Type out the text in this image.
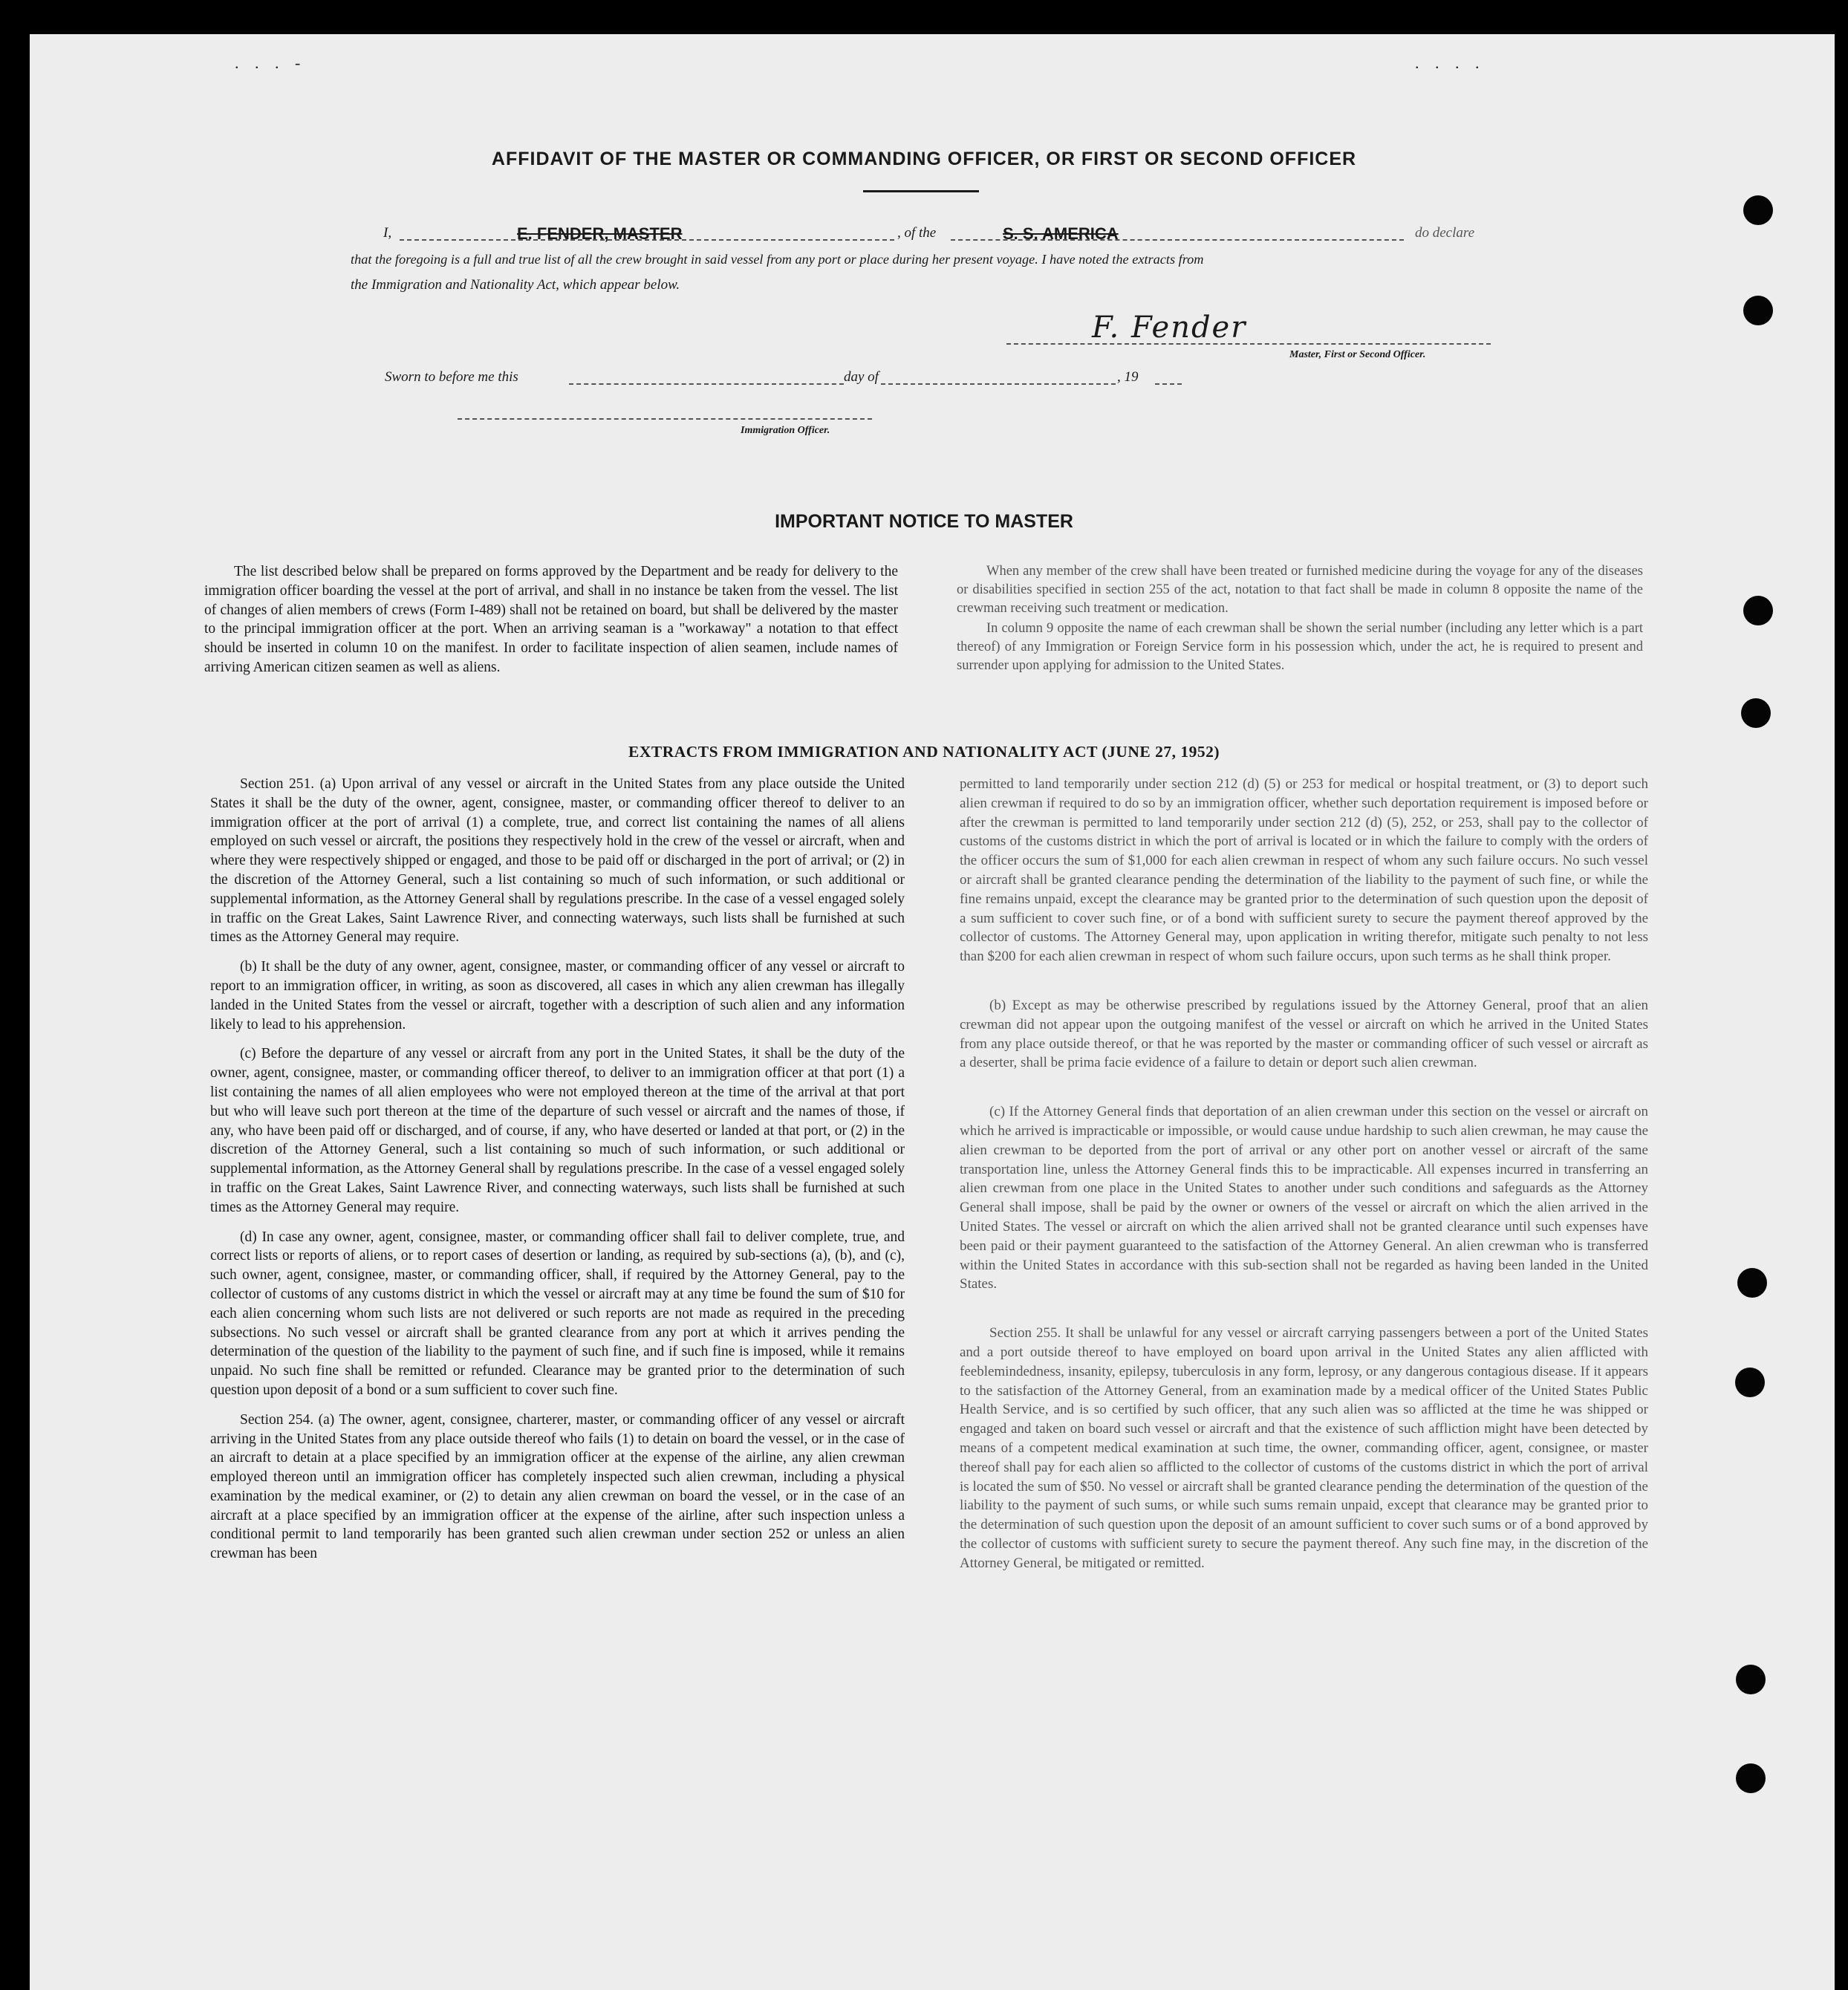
. . . -	. . . .
AFFIDAVIT OF THE MASTER OR COMMANDING OFFICER, OR FIRST OR SECOND OFFICER
I,	E. FENDER, MASTER	, of the	S. S. AMERICA	do declare
that the foregoing is a full and true list of all the crew brought in said vessel from any port or place during her present voyage. I have noted the extracts from
the Immigration and Nationality Act, which appear below.
F. Fender
Master, First or Second Officer.
Sworn to before me this	day of	, 19
Immigration Officer.
IMPORTANT NOTICE TO MASTER

The list described below shall be prepared on forms approved by the Department and be ready for delivery to the immigration officer boarding the vessel at the port of arrival, and shall in no instance be taken from the vessel. The list of changes of alien members of crews (Form I-489) shall not be retained on board, but shall be delivered by the master to the principal immigration officer at the port. When an arriving seaman is a "workaway" a notation to that effect should be inserted in column 10 on the manifest. In order to facilitate inspection of alien seamen, include names of arriving American citizen seamen as well as aliens.

When any member of the crew shall have been treated or furnished medicine during the voyage for any of the diseases or disabilities specified in section 255 of the act, notation to that fact shall be made in column 8 opposite the name of the crewman receiving such treatment or medication.

In column 9 opposite the name of each crewman shall be shown the serial number (including any letter which is a part thereof) of any Immigration or Foreign Service form in his possession which, under the act, he is required to present and surrender upon applying for admission to the United States.

EXTRACTS FROM IMMIGRATION AND NATIONALITY ACT (JUNE 27, 1952)

Section 251. (a) Upon arrival of any vessel or aircraft in the United States from any place outside the United States it shall be the duty of the owner, agent, consignee, master, or commanding officer thereof to deliver to an immigration officer at the port of arrival (1) a complete, true, and correct list containing the names of all aliens employed on such vessel or aircraft, the positions they respectively hold in the crew of the vessel or aircraft, when and where they were respectively shipped or engaged, and those to be paid off or discharged in the port of arrival; or (2) in the discretion of the Attorney General, such a list containing so much of such information, or such additional or supplemental information, as the Attorney General shall by regulations prescribe. In the case of a vessel engaged solely in traffic on the Great Lakes, Saint Lawrence River, and connecting waterways, such lists shall be furnished at such times as the Attorney General may require.

(b) It shall be the duty of any owner, agent, consignee, master, or commanding officer of any vessel or aircraft to report to an immigration officer, in writing, as soon as discovered, all cases in which any alien crewman has illegally landed in the United States from the vessel or aircraft, together with a description of such alien and any information likely to lead to his apprehension.

(c) Before the departure of any vessel or aircraft from any port in the United States, it shall be the duty of the owner, agent, consignee, master, or commanding officer thereof, to deliver to an immigration officer at that port (1) a list containing the names of all alien employees who were not employed thereon at the time of the arrival at that port but who will leave such port thereon at the time of the departure of such vessel or aircraft and the names of those, if any, who have been paid off or discharged, and of course, if any, who have deserted or landed at that port, or (2) in the discretion of the Attorney General, such a list containing so much of such information, or such additional or supplemental information, as the Attorney General shall by regulations prescribe. In the case of a vessel engaged solely in traffic on the Great Lakes, Saint Lawrence River, and connecting waterways, such lists shall be furnished at such times as the Attorney General may require.

(d) In case any owner, agent, consignee, master, or commanding officer shall fail to deliver complete, true, and correct lists or reports of aliens, or to report cases of desertion or landing, as required by sub-sections (a), (b), and (c), such owner, agent, consignee, master, or commanding officer, shall, if required by the Attorney General, pay to the collector of customs of any customs district in which the vessel or aircraft may at any time be found the sum of $10 for each alien concerning whom such lists are not delivered or such reports are not made as required in the preceding subsections. No such vessel or aircraft shall be granted clearance from any port at which it arrives pending the determination of the question of the liability to the payment of such fine, and if such fine is imposed, while it remains unpaid. No such fine shall be remitted or refunded. Clearance may be granted prior to the determination of such question upon deposit of a bond or a sum sufficient to cover such fine.

Section 254. (a) The owner, agent, consignee, charterer, master, or commanding officer of any vessel or aircraft arriving in the United States from any place outside thereof who fails (1) to detain on board the vessel, or in the case of an aircraft to detain at a place specified by an immigration officer at the expense of the airline, any alien crewman employed thereon until an immigration officer has completely inspected such alien crewman, including a physical examination by the medical examiner, or (2) to detain any alien crewman on board the vessel, or in the case of an aircraft at a place specified by an immigration officer at the expense of the airline, after such inspection unless a conditional permit to land temporarily has been granted such alien crewman under section 252 or unless an alien crewman has been

permitted to land temporarily under section 212 (d) (5) or 253 for medical or hospital treatment, or (3) to deport such alien crewman if required to do so by an immigration officer, whether such deportation requirement is imposed before or after the crewman is permitted to land temporarily under section 212 (d) (5), 252, or 253, shall pay to the collector of customs of the customs district in which the port of arrival is located or in which the failure to comply with the orders of the officer occurs the sum of $1,000 for each alien crewman in respect of whom any such failure occurs. No such vessel or aircraft shall be granted clearance pending the determination of the liability to the payment of such fine, or while the fine remains unpaid, except the clearance may be granted prior to the determination of such question upon the deposit of a sum sufficient to cover such fine, or of a bond with sufficient surety to secure the payment thereof approved by the collector of customs. The Attorney General may, upon application in writing therefor, mitigate such penalty to not less than $200 for each alien crewman in respect of whom such failure occurs, upon such terms as he shall think proper.

(b) Except as may be otherwise prescribed by regulations issued by the Attorney General, proof that an alien crewman did not appear upon the outgoing manifest of the vessel or aircraft on which he arrived in the United States from any place outside thereof, or that he was reported by the master or commanding officer of such vessel or aircraft as a deserter, shall be prima facie evidence of a failure to detain or deport such alien crewman.

(c) If the Attorney General finds that deportation of an alien crewman under this section on the vessel or aircraft on which he arrived is impracticable or impossible, or would cause undue hardship to such alien crewman, he may cause the alien crewman to be deported from the port of arrival or any other port on another vessel or aircraft of the same transportation line, unless the Attorney General finds this to be impracticable. All expenses incurred in transferring an alien crewman from one place in the United States to another under such conditions and safeguards as the Attorney General shall impose, shall be paid by the owner or owners of the vessel or aircraft on which the alien arrived in the United States. The vessel or aircraft on which the alien arrived shall not be granted clearance until such expenses have been paid or their payment guaranteed to the satisfaction of the Attorney General. An alien crewman who is transferred within the United States in accordance with this sub-section shall not be regarded as having been landed in the United States.

Section 255. It shall be unlawful for any vessel or aircraft carrying passengers between a port of the United States and a port outside thereof to have employed on board upon arrival in the United States any alien afflicted with feeblemindedness, insanity, epilepsy, tuberculosis in any form, leprosy, or any dangerous contagious disease. If it appears to the satisfaction of the Attorney General, from an examination made by a medical officer of the United States Public Health Service, and is so certified by such officer, that any such alien was so afflicted at the time he was shipped or engaged and taken on board such vessel or aircraft and that the existence of such affliction might have been detected by means of a competent medical examination at such time, the owner, commanding officer, agent, consignee, or master thereof shall pay for each alien so afflicted to the collector of customs of the customs district in which the port of arrival is located the sum of $50. No vessel or aircraft shall be granted clearance pending the determination of the question of the liability to the payment of such sums, or while such sums remain unpaid, except that clearance may be granted prior to the determination of such question upon the deposit of an amount sufficient to cover such sums or of a bond approved by the collector of customs with sufficient surety to secure the payment thereof. Any such fine may, in the discretion of the Attorney General, be mitigated or remitted.
